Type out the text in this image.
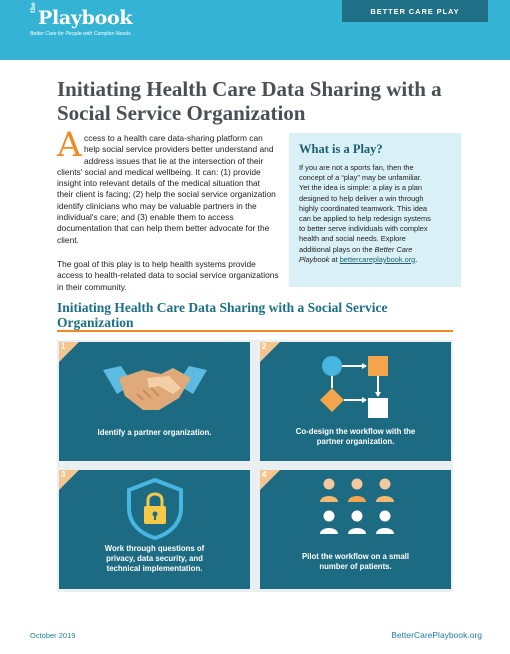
the Playbook
Better Care for People with Complex Needs
BETTER CARE PLAY
Initiating Health Care Data Sharing with a
Social Service Organization
A ccess to a health care data-sharing platform can
help social service providers better understand and
address issues that lie at the intersection of their
clients' social and medical wellbeing. It can: (1) provide
insight into relevant details of the medical situation that
their client is facing; (2) help the social service organization
identify clinicians who may be valuable partners in the
individual's care; and (3) enable them to access
documentation that can help them better advocate for the
client.
The goal of this play is to help health systems provide
access to health-related data to social service organizations
in their community.
What is a Play?
If you are not a sports fan, then the
concept of a “play” may be unfamiliar.
Yet the idea is simple: a play is a plan
designed to help deliver a win through
highly coordinated teamwork. This idea
can be applied to help redesign systems
to better serve individuals with complex
health and social needs. Explore
additional plays on the Better Care
Playbook at bettercareplaybook.org.
Initiating Health Care Data Sharing with a Social Service
Organization
1
Identify a partner organization.
2
Co-design the workflow with the
partner organization.
3
Work through questions of
privacy, data security, and
technical implementation.
4
Pilot the workflow on a small
number of patients.
October 2019	BetterCarePlaybook.org
